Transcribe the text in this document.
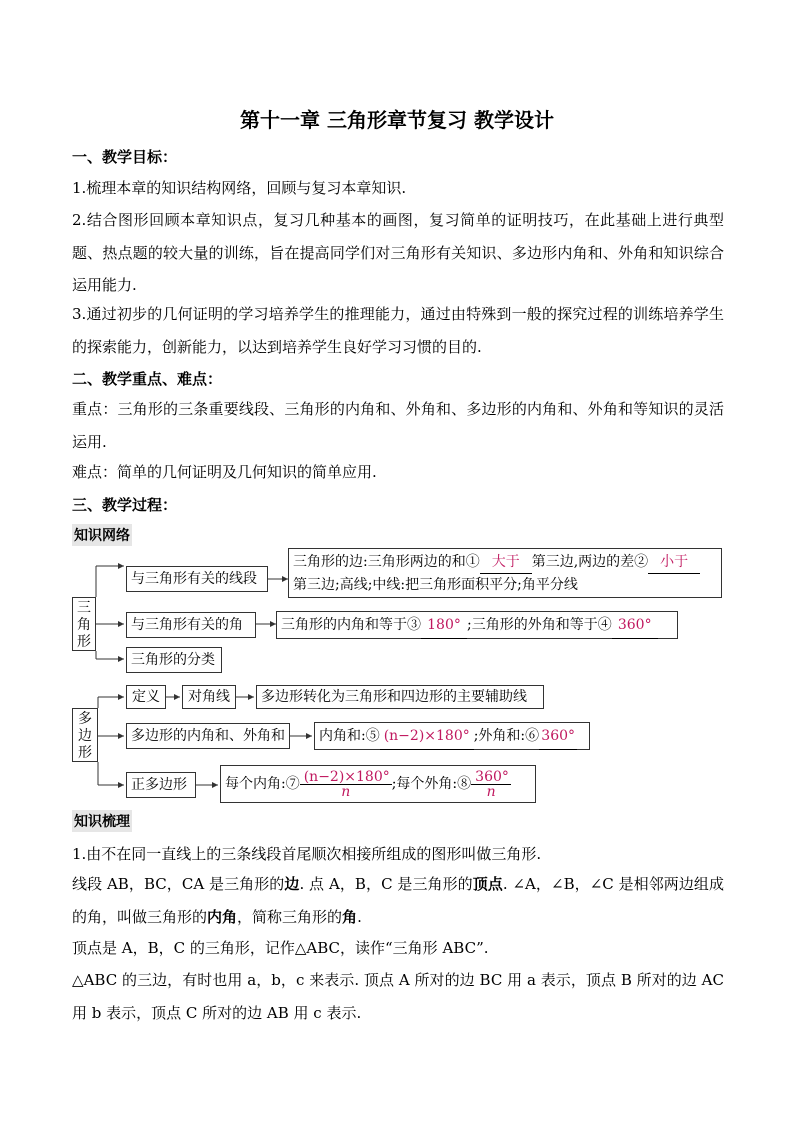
第十一章 三角形章节复习 教学设计
一、教学目标：
1.梳理本章的知识结构网络，回顾与复习本章知识.
2.结合图形回顾本章知识点，复习几种基本的画图，复习简单的证明技巧，在此基础上进行典型题、热点题的较大量的训练，旨在提高同学们对三角形有关知识、多边形内角和、外角和知识综合运用能力.
3.通过初步的几何证明的学习培养学生的推理能力，通过由特殊到一般的探究过程的训练培养学生的探索能力，创新能力，以达到培养学生良好学习习惯的目的.
二、教学重点、难点：
重点：三角形的三条重要线段、三角形的内角和、外角和、多边形的内角和、外角和等知识的灵活运用.
难点：简单的几何证明及几何知识的简单应用.
三、教学过程：
知识网络
三
角
形
与三角形有关的线段
三角形的边:三角形两边的和① 大于 第三边,两边的差② 小于
第三边;高线;中线:把三角形面积平分;角平分线
与三角形有关的角	三角形的内角和等于③ 180° ;三角形的外角和等于④ 360°
三角形的分类
多
边
形
定义	对角线	多边形转化为三角形和四边形的主要辅助线
多边形的内角和、外角和	内角和:⑤ (n−2)×180° ;外角和:⑥ 360°
正多边形	每个内角:⑦ $\frac{(n-2)\times 180^\circ}{n}$ ;每个外角:⑧ $\frac{360^\circ}{n}$
知识梳理
1.由不在同一直线上的三条线段首尾顺次相接所组成的图形叫做三角形.
线段 AB，BC，CA 是三角形的边. 点 A，B，C 是三角形的顶点. ∠A，∠B，∠C 是相邻两边组成的角，叫做三角形的内角，简称三角形的角.
顶点是 A，B，C 的三角形，记作△ABC，读作“三角形 ABC”.
△ABC 的三边，有时也用 a，b，c 来表示. 顶点 A 所对的边 BC 用 a 表示，顶点 B 所对的边 AC 用 b 表示，顶点 C 所对的边 AB 用 c 表示.
